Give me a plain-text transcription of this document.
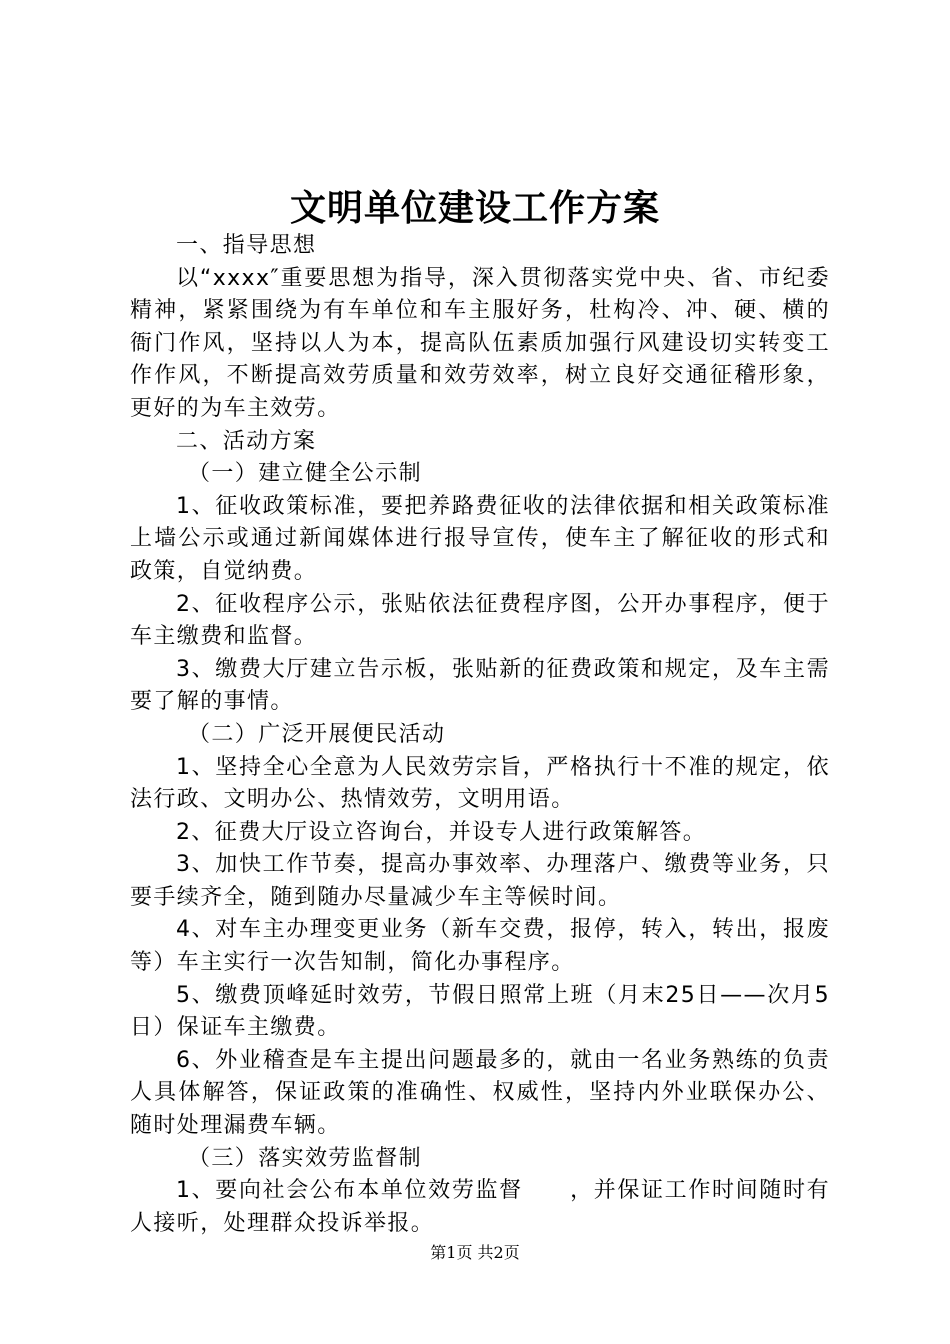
文明单位建设工作方案

一、指导思想

以“xxxx″重要思想为指导，深入贯彻落实党中央、省、市纪委精神，紧紧围绕为有车单位和车主服好务，杜构冷、冲、硬、横的衙门作风，坚持以人为本，提高队伍素质加强行风建设切实转变工作作风，不断提高效劳质量和效劳效率，树立良好交通征稽形象，更好的为车主效劳。

二、活动方案

（一）建立健全公示制

1、征收政策标准，要把养路费征收的法律依据和相关政策标准上墙公示或通过新闻媒体进行报导宣传，使车主了解征收的形式和政策，自觉纳费。

2、征收程序公示，张贴依法征费程序图，公开办事程序，便于车主缴费和监督。

3、缴费大厅建立告示板，张贴新的征费政策和规定，及车主需要了解的事情。

（二）广泛开展便民活动

1、坚持全心全意为人民效劳宗旨，严格执行十不准的规定，依法行政、文明办公、热情效劳，文明用语。

2、征费大厅设立咨询台，并设专人进行政策解答。

3、加快工作节奏，提高办事效率、办理落户、缴费等业务，只要手续齐全，随到随办尽量减少车主等候时间。

4、对车主办理变更业务（新车交费，报停，转入，转出，报废等）车主实行一次告知制，简化办事程序。

5、缴费顶峰延时效劳，节假日照常上班（月末25日——次月5日）保证车主缴费。

6、外业稽查是车主提出问题最多的，就由一名业务熟练的负责人具体解答，保证政策的准确性、权威性，坚持内外业联保办公、随时处理漏费车辆。

（三）落实效劳监督制

1、要向社会公布本单位效劳监督　　，并保证工作时间随时有人接听，处理群众投诉举报。

第1页 共2页
